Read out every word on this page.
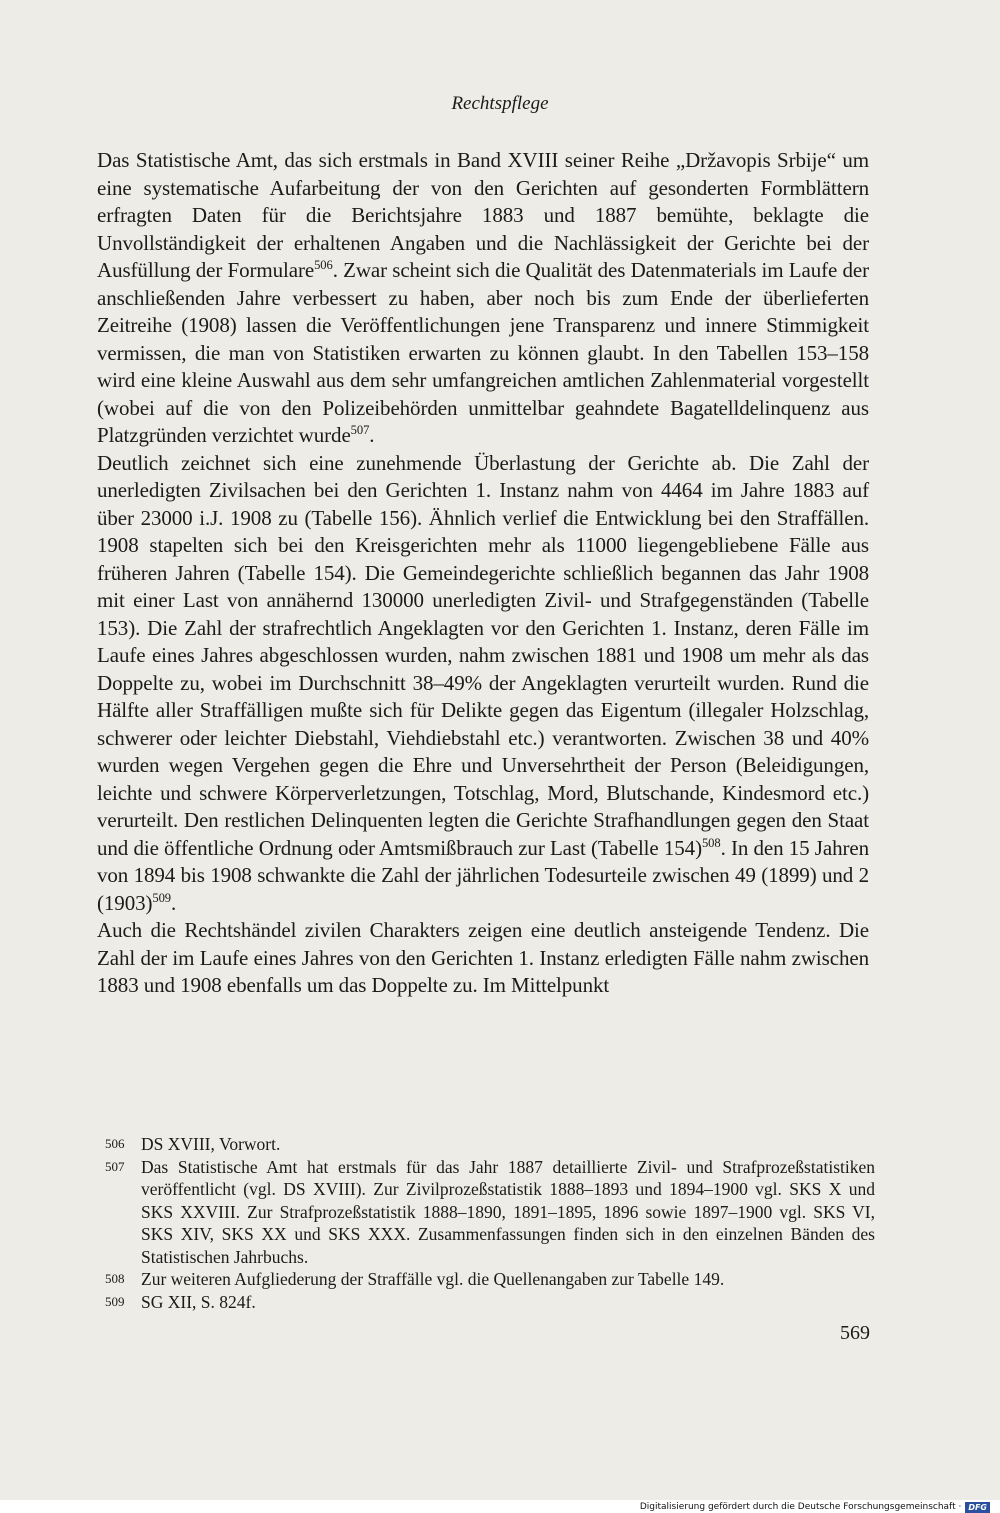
Rechtspflege

Das Statistische Amt, das sich erstmals in Band XVIII seiner Reihe „Državopis Srbije“ um eine systematische Aufarbeitung der von den Gerichten auf gesonderten Formblättern erfragten Daten für die Berichtsjahre 1883 und 1887 bemühte, beklagte die Unvollständigkeit der erhaltenen Angaben und die Nachlässigkeit der Gerichte bei der Ausfüllung der Formulare$^{506}$. Zwar scheint sich die Qualität des Datenmaterials im Laufe der anschließenden Jahre verbessert zu haben, aber noch bis zum Ende der überlieferten Zeitreihe (1908) lassen die Veröffentlichungen jene Transparenz und innere Stimmigkeit vermissen, die man von Statistiken erwarten zu können glaubt. In den Tabellen 153–158 wird eine kleine Auswahl aus dem sehr umfangreichen amtlichen Zahlenmaterial vorgestellt (wobei auf die von den Polizeibehörden unmittelbar geahndete Bagatelldelinquenz aus Platzgründen verzichtet wurde$^{507}$.

Deutlich zeichnet sich eine zunehmende Überlastung der Gerichte ab. Die Zahl der unerledigten Zivilsachen bei den Gerichten 1. Instanz nahm von 4464 im Jahre 1883 auf über 23000 i.J. 1908 zu (Tabelle 156). Ähnlich verlief die Entwicklung bei den Straffällen. 1908 stapelten sich bei den Kreisgerichten mehr als 11000 liegengebliebene Fälle aus früheren Jahren (Tabelle 154). Die Gemeindegerichte schließlich begannen das Jahr 1908 mit einer Last von annähernd 130000 unerledigten Zivil- und Strafgegenständen (Tabelle 153). Die Zahl der strafrechtlich Angeklagten vor den Gerichten 1. Instanz, deren Fälle im Laufe eines Jahres abgeschlossen wurden, nahm zwischen 1881 und 1908 um mehr als das Doppelte zu, wobei im Durchschnitt 38–49% der Angeklagten verurteilt wurden. Rund die Hälfte aller Straffälligen mußte sich für Delikte gegen das Eigentum (illegaler Holzschlag, schwerer oder leichter Diebstahl, Viehdiebstahl etc.) verantworten. Zwischen 38 und 40% wurden wegen Vergehen gegen die Ehre und Unversehrtheit der Person (Beleidigungen, leichte und schwere Körperverletzungen, Totschlag, Mord, Blutschande, Kindesmord etc.) verurteilt. Den restlichen Delinquenten legten die Gerichte Strafhandlungen gegen den Staat und die öffentliche Ordnung oder Amtsmißbrauch zur Last (Tabelle 154)$^{508}$. In den 15 Jahren von 1894 bis 1908 schwankte die Zahl der jährlichen Todesurteile zwischen 49 (1899) und 2 $(1903)^{509}$.

Auch die Rechtshändel zivilen Charakters zeigen eine deutlich ansteigende Tendenz. Die Zahl der im Laufe eines Jahres von den Gerichten 1. Instanz erledigten Fälle nahm zwischen 1883 und 1908 ebenfalls um das Doppelte zu. Im Mittelpunkt

506 DS XVIII, Vorwort.

507 Das Statistische Amt hat erstmals für das Jahr 1887 detaillierte Zivil- und Strafprozeßstatistiken veröffentlicht (vgl. DS XVIII). Zur Zivilprozeßstatistik 1888–1893 und 1894–1900 vgl. SKS X und SKS XXVIII. Zur Strafprozeßstatistik 1888–1890, 1891–1895, 1896 sowie 1897–1900 vgl. SKS VI, SKS XIV, SKS XX und SKS XXX. Zusammenfassungen finden sich in den einzelnen Bänden des Statistischen Jahrbuchs.

508 Zur weiteren Aufgliederung der Straffälle vgl. die Quellenangaben zur Tabelle 149.

509 SG XII, S. 824f.

569
Digitalisierung gefördert durch die Deutsche Forschungsgemeinschaft · DFG
